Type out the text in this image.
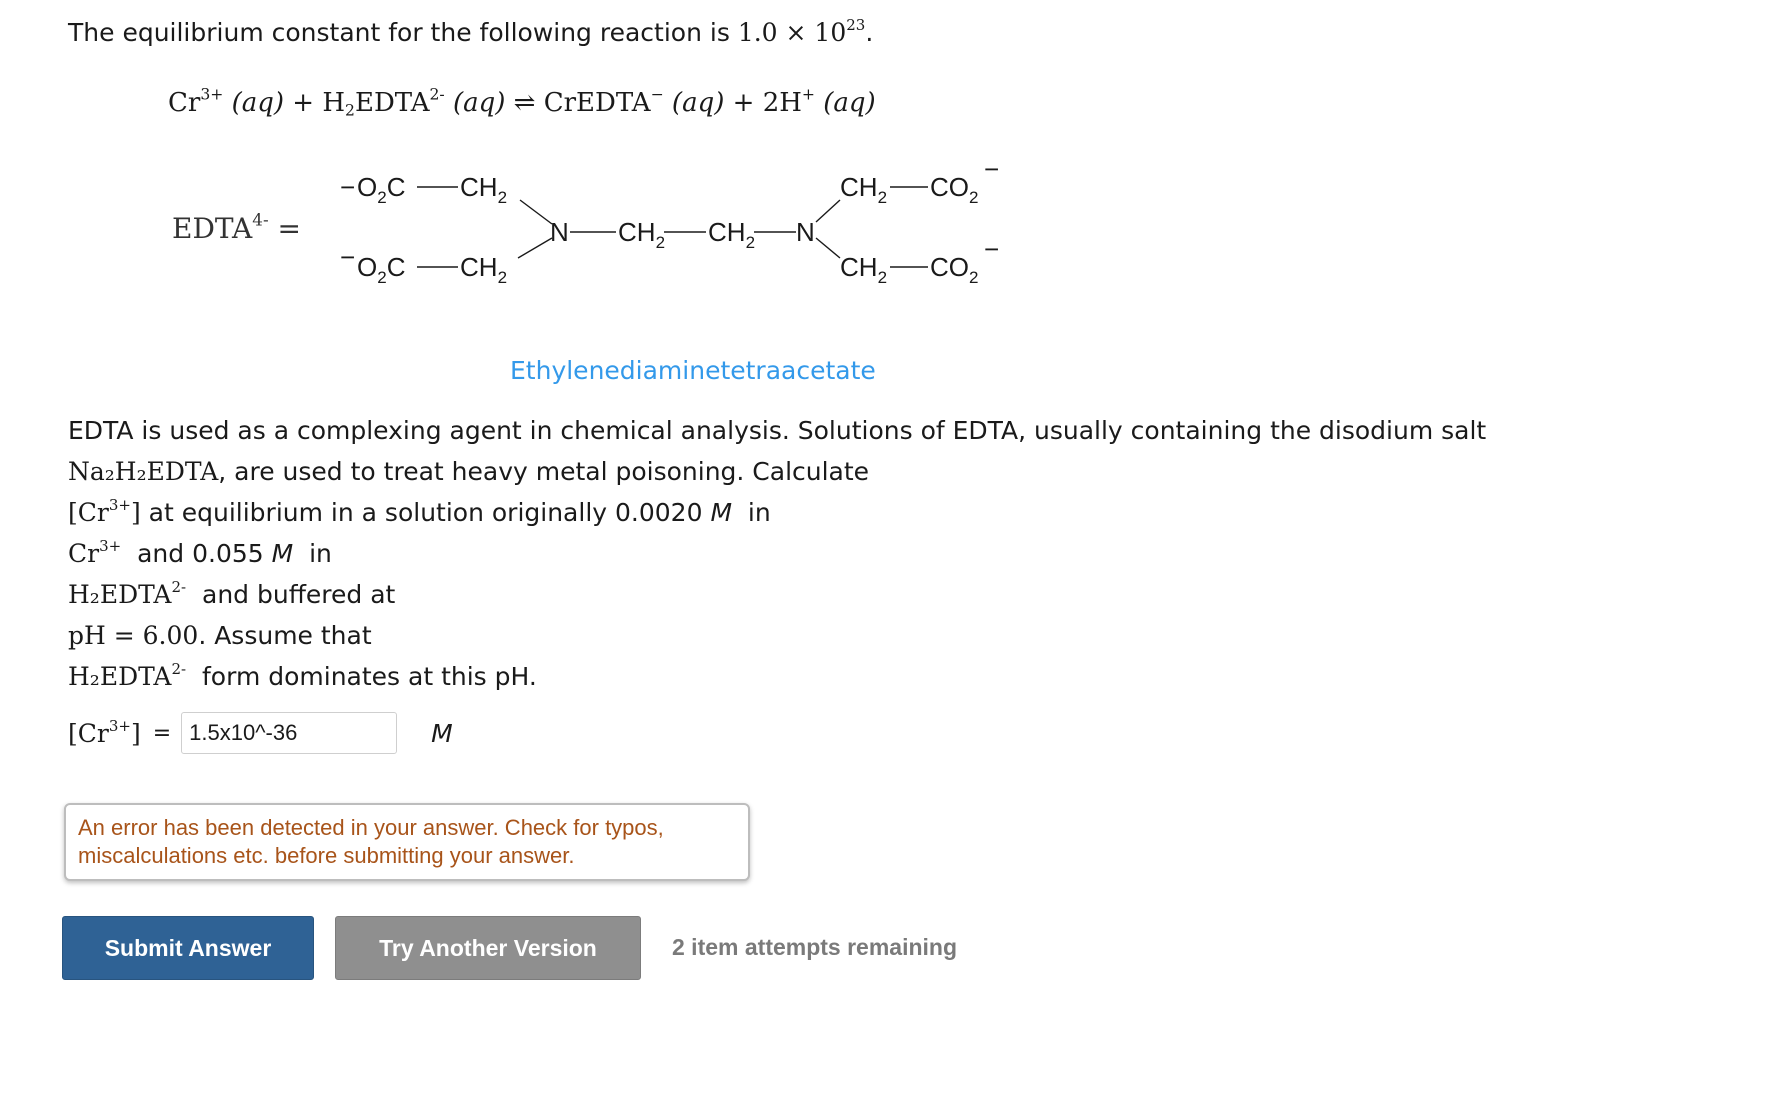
The equilibrium constant for the following reaction is $1.0 \times 10^{23}$.
$Cr^{3+}$ $(aq) + H_2EDTA^{2-}$ (aq) ⇌ CrEDTA− (aq) + 2H+ (aq)
$EDTA^{4-}$ =
− $O_2C$ $CH_2$
− $O_2C$ $CH_2$
N $CH_2$ $CH_2$ N
$CH_2$ $CO_2$
−
$CH_2$ $CO_2$
−
Ethylenediaminetetraacetate
EDTA is used as a complexing agent in chemical analysis. Solutions of EDTA, usually containing the disodium salt
Na₂H₂EDTA, are used to treat heavy metal poisoning. Calculate
$[Cr^{3+}]$ at equilibrium in a solution originally 0.0020 M  in
$Cr^{3+}$  and 0.055 M  in
$H_2EDTA^{2-}$  and buffered at
pH = 6.00. Assume that
$H_2EDTA^{2-}$  form dominates at this pH.
$[Cr^{3+}]$ =
1.5x10^-36	M
An error has been detected in your answer. Check for typos, miscalculations etc. before submitting your answer.
Submit Answer	Try Another Version	2 item attempts remaining
